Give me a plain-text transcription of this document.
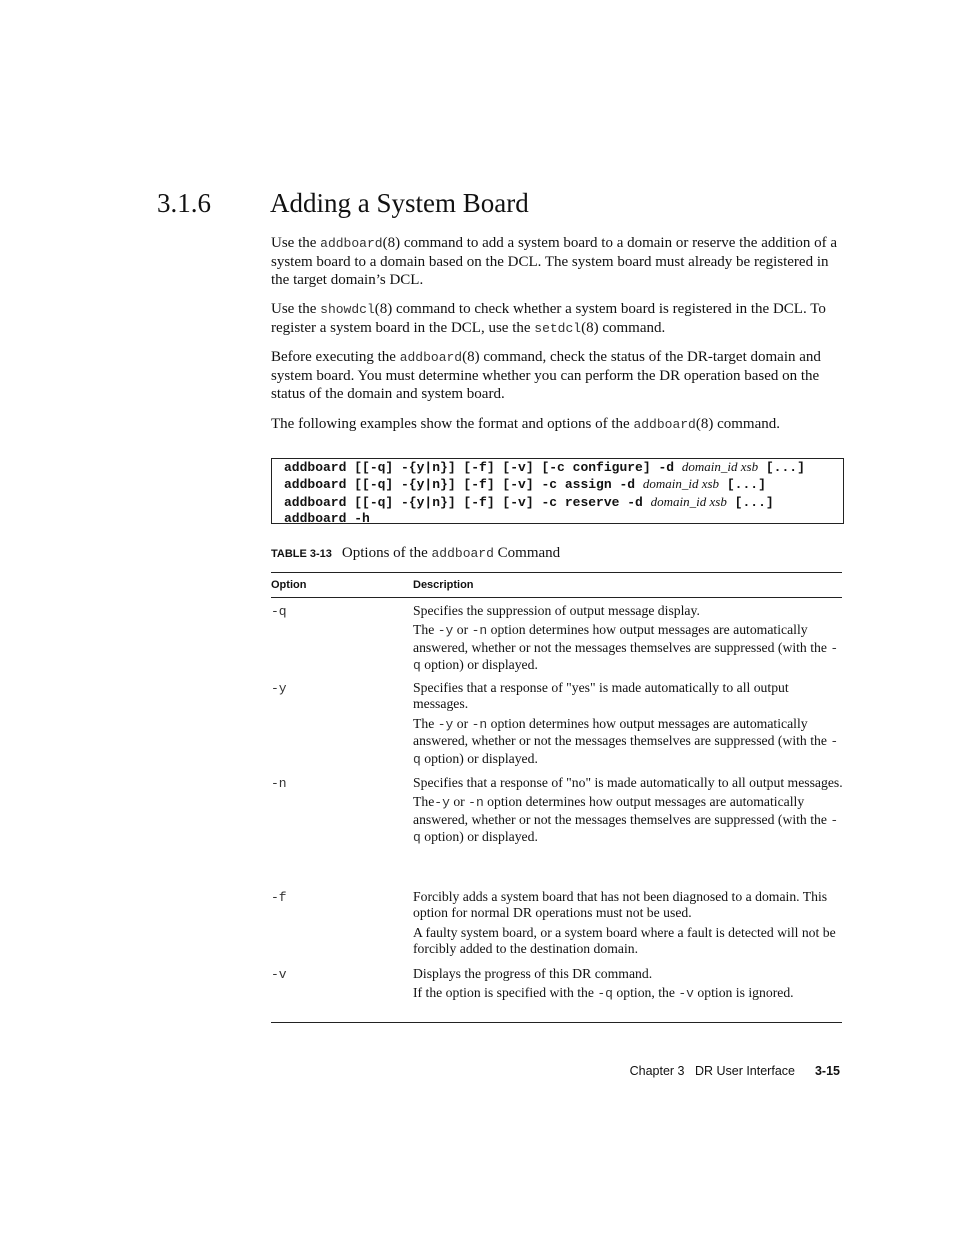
3.1.6 Adding a System Board

Use the addboard(8) command to add a system board to a domain or reserve the addition of a system board to a domain based on the DCL. The system board must already be registered in the target domain’s DCL.

Use the showdcl(8) command to check whether a system board is registered in the DCL. To register a system board in the DCL, use the setdcl(8) command.

Before executing the addboard(8) command, check the status of the DR-target domain and system board. You must determine whether you can perform the DR operation based on the status of the domain and system board.

The following examples show the format and options of the addboard(8) command.

addboard [[-q] -{y|n}] [-f] [-v] [-c configure] -d domain_id xsb [...]
addboard [[-q] -{y|n}] [-f] [-v] -c assign -d domain_id xsb [...]
addboard [[-q] -{y|n}] [-f] [-v] -c reserve -d domain_id xsb [...]
addboard -h
TABLE 3-13 Options of the addboard Command
Option	Description
-q	Specifies the suppression of output message display.

The -y or -n option determines how output messages are automatically answered, whether or not the messages themselves are suppressed (with the -q option) or displayed.

-y	Specifies that a response of "yes" is made automatically to all output messages.

The -y or -n option determines how output messages are automatically answered, whether or not the messages themselves are suppressed (with the -q option) or displayed.

-n	Specifies that a response of "no" is made automatically to all output messages.

The-y or -n option determines how output messages are automatically answered, whether or not the messages themselves are suppressed (with the -q option) or displayed.

-f	Forcibly adds a system board that has not been diagnosed to a domain. This option for normal DR operations must not be used.

A faulty system board, or a system board where a fault is detected will not be forcibly added to the destination domain.

-v	Displays the progress of this DR command.

If the option is specified with the -q option, the -v option is ignored.

Chapter 3 DR User Interface 3-15
